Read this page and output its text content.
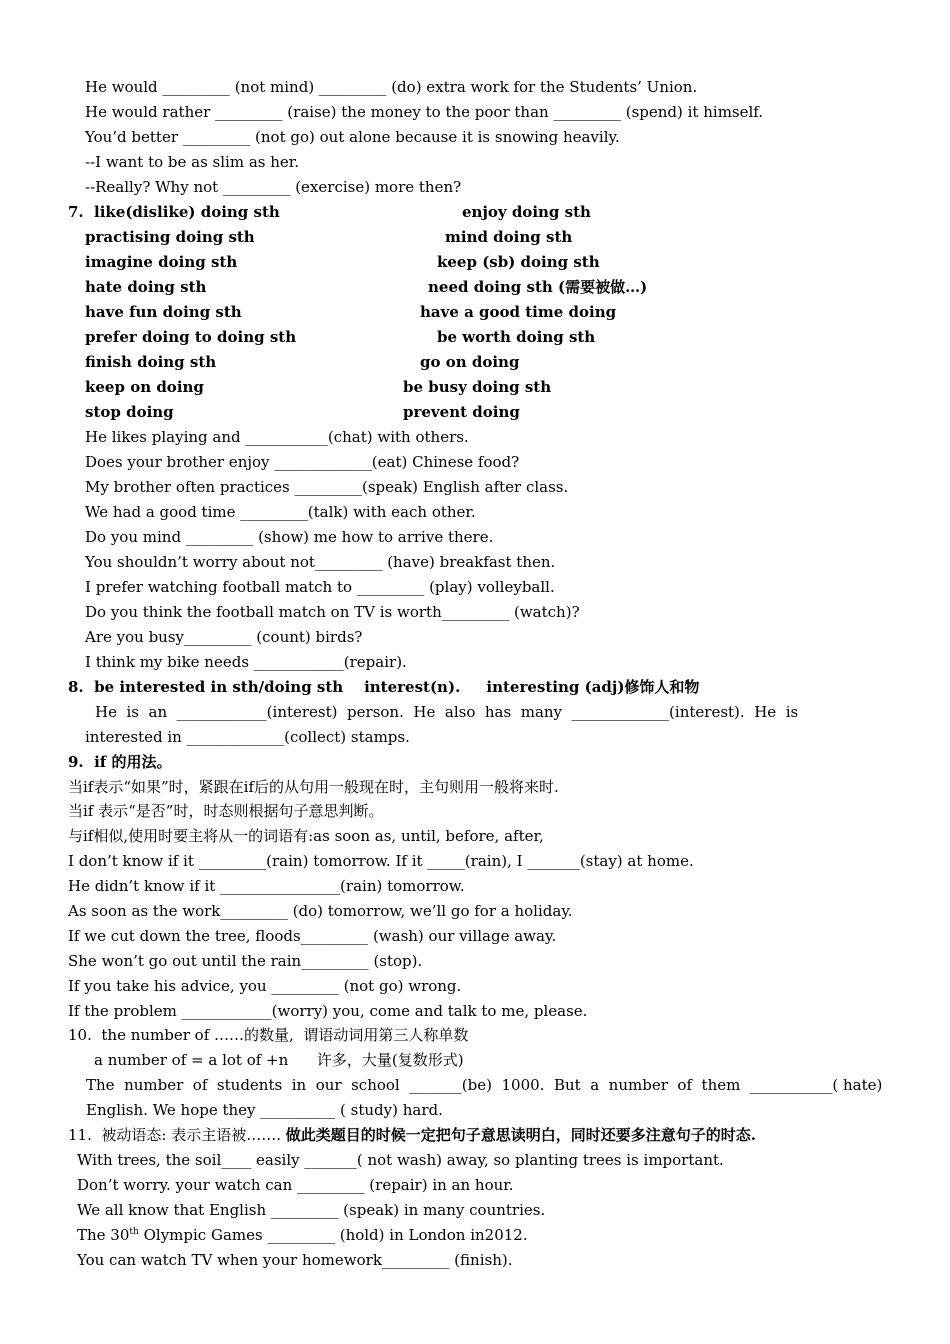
He would _________ (not mind) _________ (do) extra work for the Students’ Union.
He would rather _________ (raise) the money to the poor than _________ (spend) it himself.
You’d better _________ (not go) out alone because it is snowing heavily.
--I want to be as slim as her.
--Really? Why not _________ (exercise) more then?
7. like(dislike) doing sth	enjoy doing sth
practising doing sth	mind doing sth
imagine doing sth	keep (sb) doing sth
hate doing sth	need doing sth (需要被做…)
have fun doing sth	have a good time doing
prefer doing to doing sth	be worth doing sth
finish doing sth	go on doing
keep on doing	be busy doing sth
stop doing	prevent doing
He likes playing and ___________(chat) with others.
Does your brother enjoy _____________(eat) Chinese food?
My brother often practices _________(speak) English after class.
We had a good time _________(talk) with each other.
Do you mind _________ (show) me how to arrive there.
You shouldn’t worry about not_________ (have) breakfast then.
I prefer watching football match to _________ (play) volleyball.
Do you think the football match on TV is worth_________ (watch)?
Are you busy_________ (count) birds?
I think my bike needs ____________(repair).
8.  be interested in sth/doing sth    interest(n).     interesting (adj)修饰人和物
He  is  an  ____________(interest)  person.  He  also  has  many  _____________(interest).  He  is
interested in _____________(collect) stamps.
9.  if 的用法。
当if表示“如果”时，紧跟在if后的从句用一般现在时，主句则用一般将来时.
当if 表示“是否”时，时态则根据句子意思判断。
与if相似,使用时要主将从一的词语有:as soon as, until, before, after,
I don’t know if it _________(rain) tomorrow. If it _____(rain), I _______(stay) at home.
He didn’t know if it ________________(rain) tomorrow.
As soon as the work_________ (do) tomorrow, we’ll go for a holiday.
If we cut down the tree, floods_________ (wash) our village away.
She won’t go out until the rain_________ (stop).
If you take his advice, you _________ (not go) wrong.
If the problem ____________(worry) you, come and talk to me, please.
10.  the number of ……的数量,  谓语动词用第三人称单数
a number of = a lot of +n      许多，大量(复数形式)
The  number  of  students  in  our  school  _______(be)  1000.  But  a  number  of  them  ___________( hate)
English. We hope they __________ ( study) hard.
11.  被动语态: 表示主语被……. 做此类题目的时候一定把句子意思读明白，同时还要多注意句子的时态.
With trees, the soil____ easily _______( not wash) away, so planting trees is important.
Don’t worry. your watch can _________ (repair) in an hour.
We all know that English _________ (speak) in many countries.
The 30th Olympic Games _________ (hold) in London in2012.
You can watch TV when your homework_________ (finish).
